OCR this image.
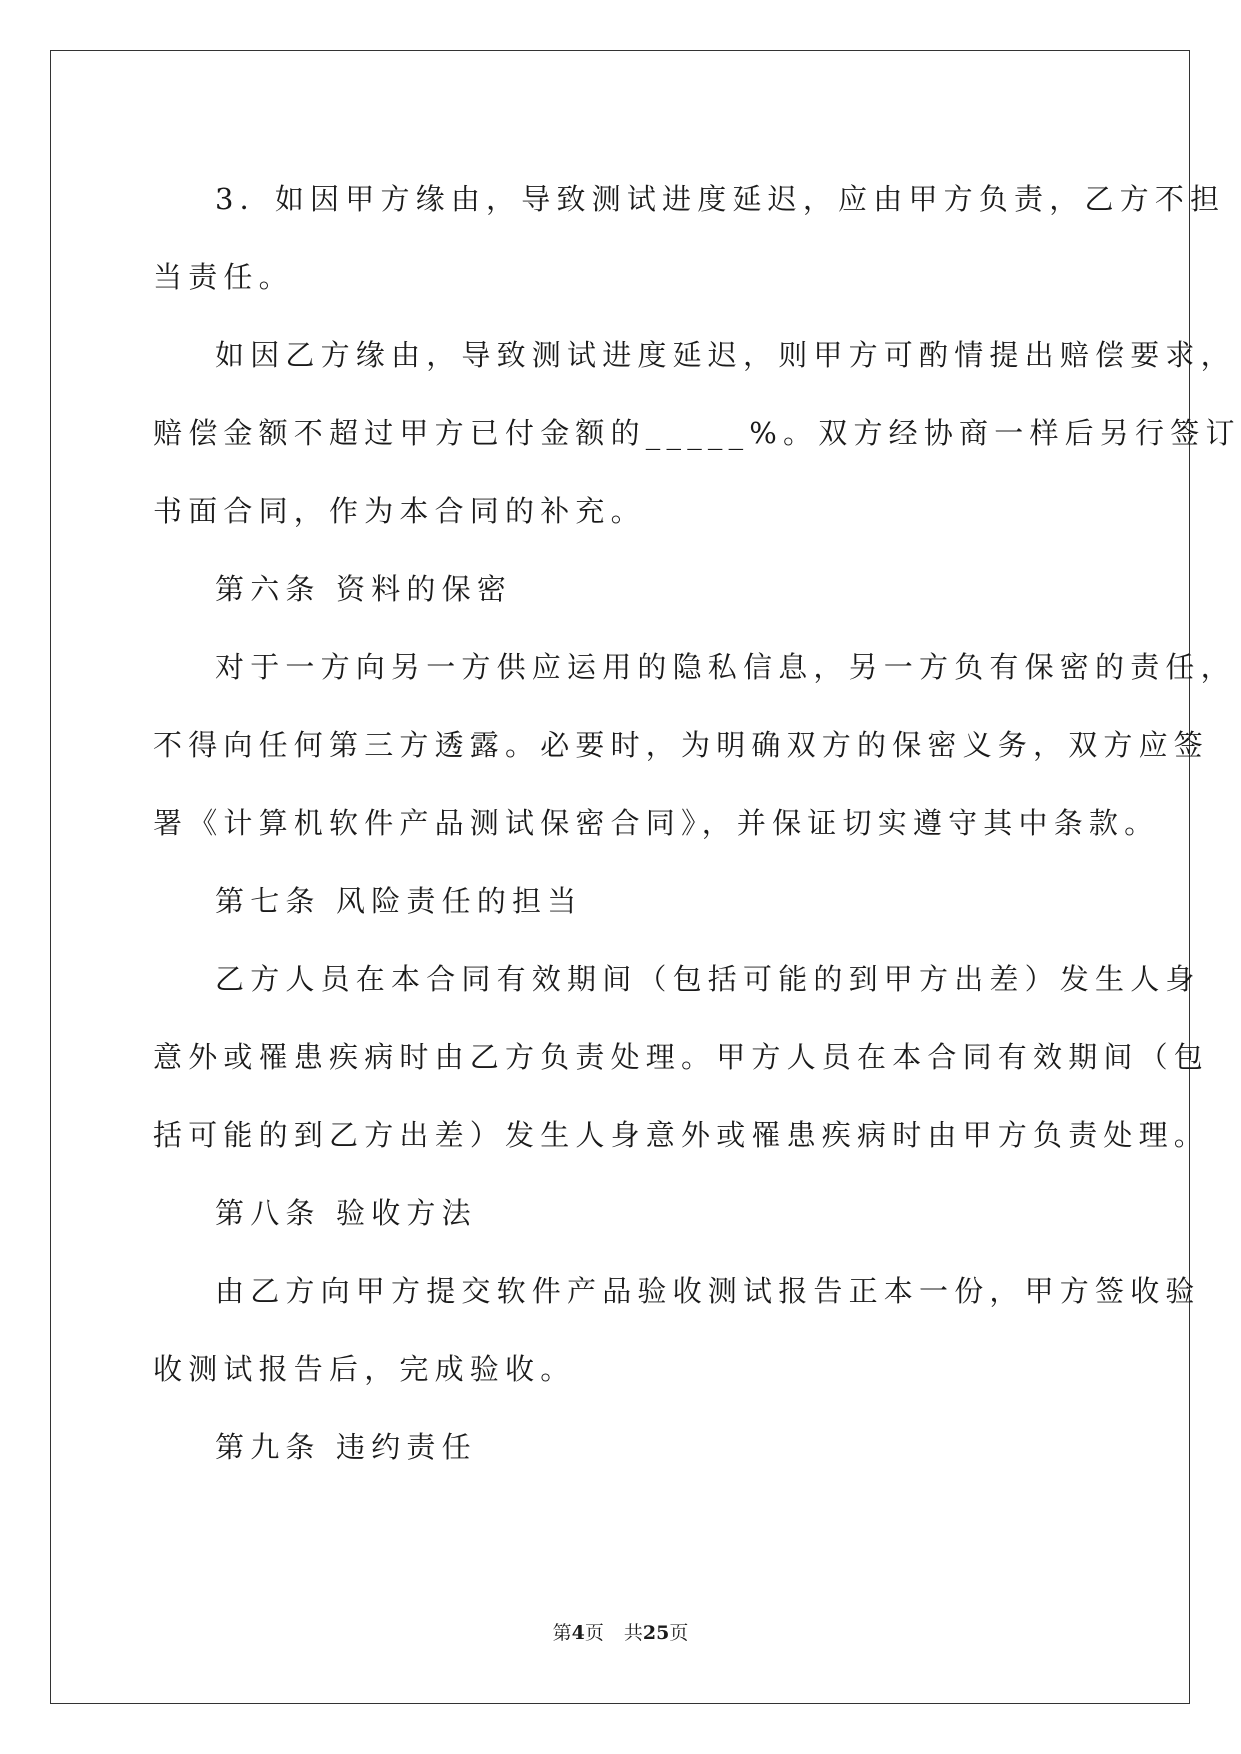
3．如因甲方缘由，导致测试进度延迟，应由甲方负责，乙方不担
当责任。
如因乙方缘由，导致测试进度延迟，则甲方可酌情提出赔偿要求，
赔偿金额不超过甲方已付金额的_____%。双方经协商一样后另行签订
书面合同，作为本合同的补充。
第六条 资料的保密
对于一方向另一方供应运用的隐私信息，另一方负有保密的责任，
不得向任何第三方透露。必要时，为明确双方的保密义务，双方应签
署《计算机软件产品测试保密合同》，并保证切实遵守其中条款。
第七条 风险责任的担当
乙方人员在本合同有效期间（包括可能的到甲方出差）发生人身
意外或罹患疾病时由乙方负责处理。甲方人员在本合同有效期间（包
括可能的到乙方出差）发生人身意外或罹患疾病时由甲方负责处理。
第八条 验收方法
由乙方向甲方提交软件产品验收测试报告正本一份，甲方签收验
收测试报告后，完成验收。
第九条 违约责任
第4页 共25页
